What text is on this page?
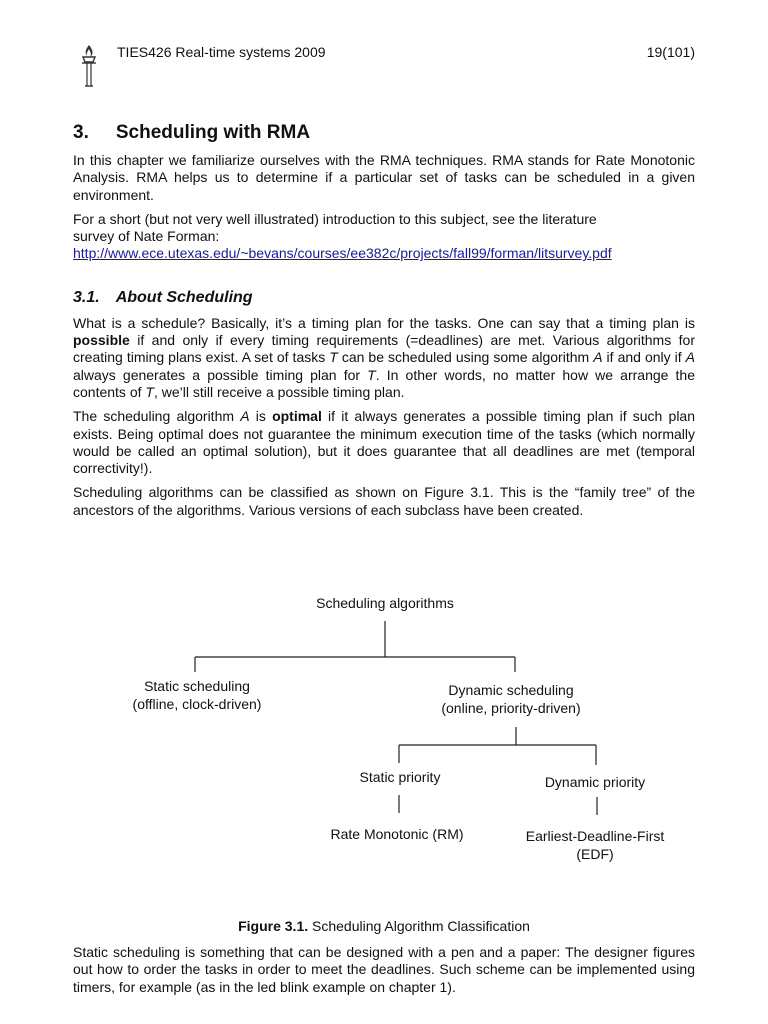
TIES426 Real-time systems 2009	19(101)
3. Scheduling with RMA

In this chapter we familiarize ourselves with the RMA techniques. RMA stands for Rate Monotonic Analysis. RMA helps us to determine if a particular set of tasks can be scheduled in a given environment.

For a short (but not very well illustrated) introduction to this subject, see the literature
survey of Nate Forman:
http://www.ece.utexas.edu/~bevans/courses/ee382c/projects/fall99/forman/litsurvey.pdf

3.1. About Scheduling

What is a schedule? Basically, it’s a timing plan for the tasks. One can say that a timing plan is possible if and only if every timing requirements (=deadlines) are met. Various algorithms for creating timing plans exist. A set of tasks T can be scheduled using some algorithm A if and only if A always generates a possible timing plan for T. In other words, no matter how we arrange the contents of T, we’ll still receive a possible timing plan.

The scheduling algorithm A is optimal if it always generates a possible timing plan if such plan exists. Being optimal does not guarantee the minimum execution time of the tasks (which normally would be called an optimal solution), but it does guarantee that all deadlines are met (temporal correctivity!).

Scheduling algorithms can be classified as shown on Figure 3.1. This is the “family tree” of the ancestors of the algorithms. Various versions of each subclass have been created.

Scheduling algorithms
Static scheduling
(offline, clock-driven)
Dynamic scheduling
(online, priority-driven)
Static priority	Dynamic priority
Rate Monotonic (RM)	Earliest-Deadline-First
(EDF)
Figure 3.1. Scheduling Algorithm Classification

Static scheduling is something that can be designed with a pen and a paper: The designer figures out how to order the tasks in order to meet the deadlines. Such scheme can be implemented using timers, for example (as in the led blink example on chapter 1).
